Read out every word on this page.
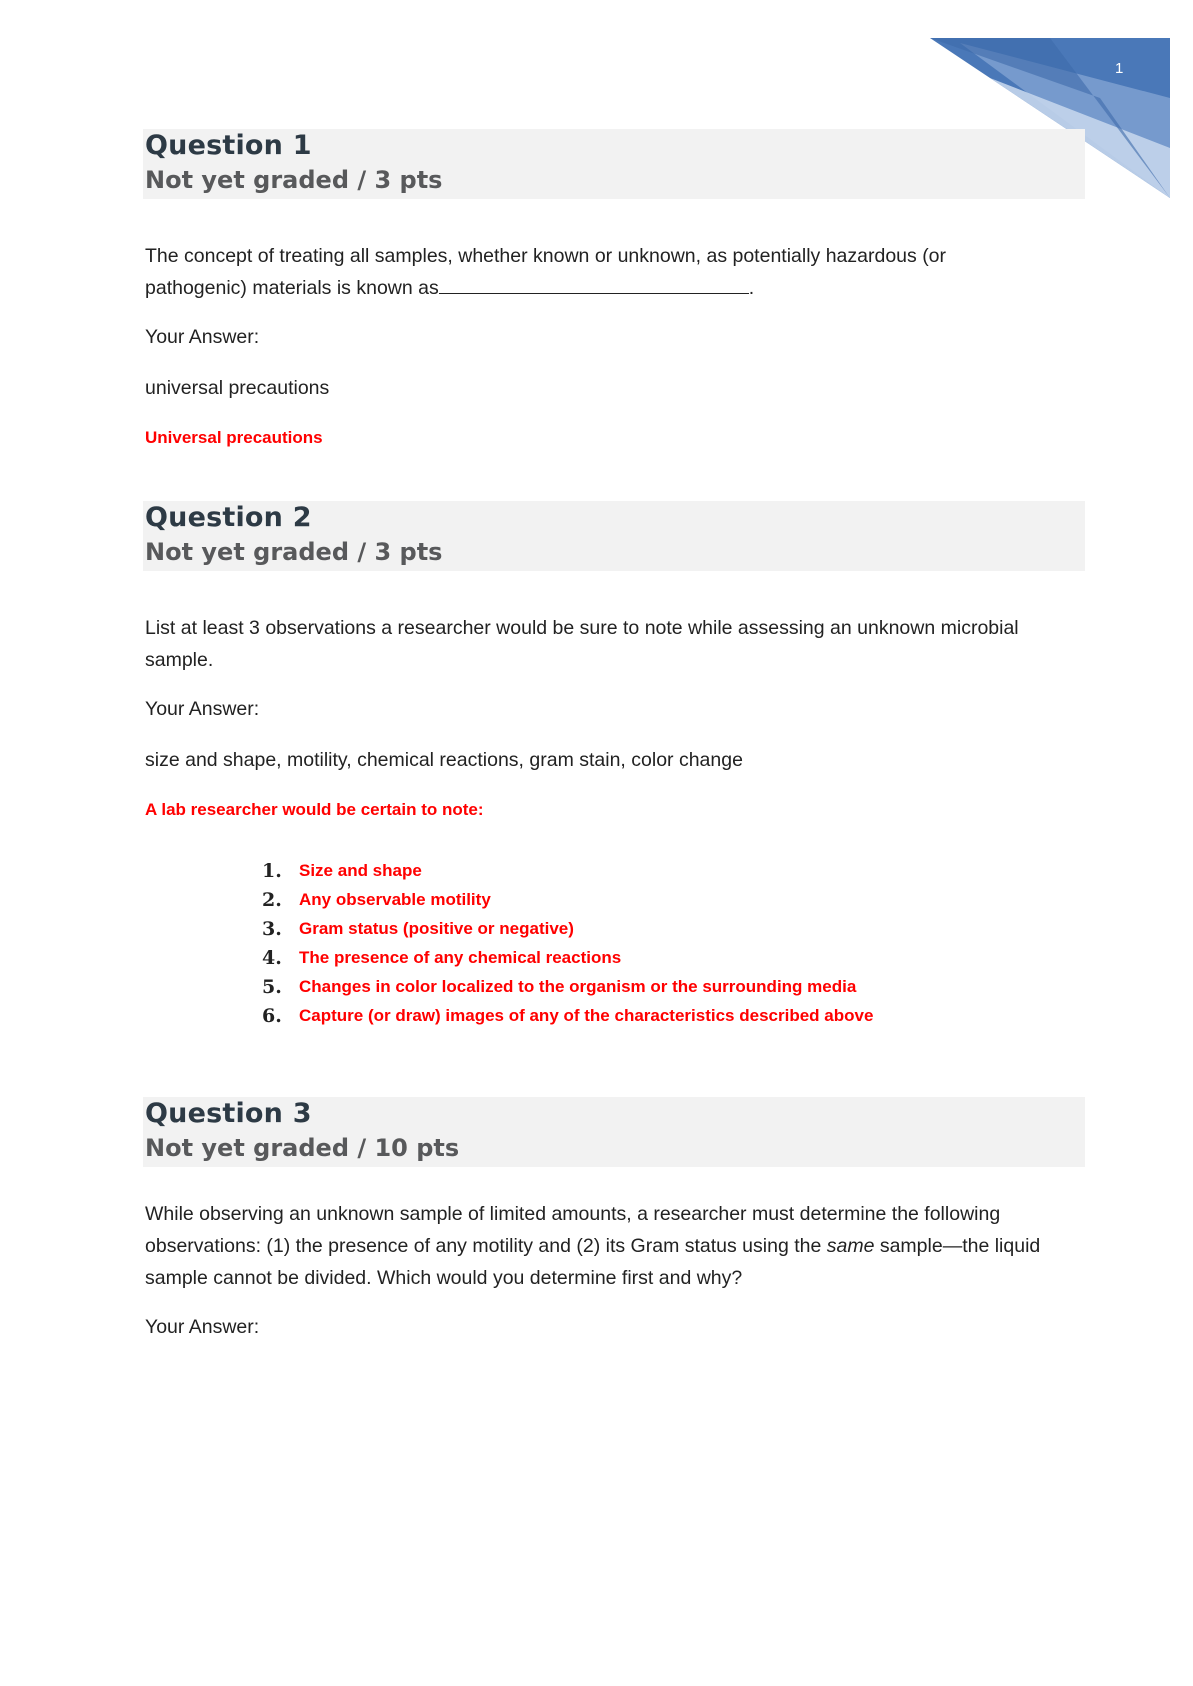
1
Question 1
Not yet graded / 3 pts
The concept of treating all samples, whether known or unknown, as potentially hazardous (or
pathogenic) materials is known as	.
Your Answer:
universal precautions
Universal precautions
Question 2
Not yet graded / 3 pts
List at least 3 observations a researcher would be sure to note while assessing an unknown microbial
sample.
Your Answer:
size and shape, motility, chemical reactions, gram stain, color change
A lab researcher would be certain to note:
1.	Size and shape
2.	Any observable motility
3.	Gram status (positive or negative)
4.	The presence of any chemical reactions
5.	Changes in color localized to the organism or the surrounding media
6.	Capture (or draw) images of any of the characteristics described above
Question 3
Not yet graded / 10 pts
While observing an unknown sample of limited amounts, a researcher must determine the following
observations: (1) the presence of any motility and (2) its Gram status using the same sample—the liquid
sample cannot be divided. Which would you determine first and why?
Your Answer:
